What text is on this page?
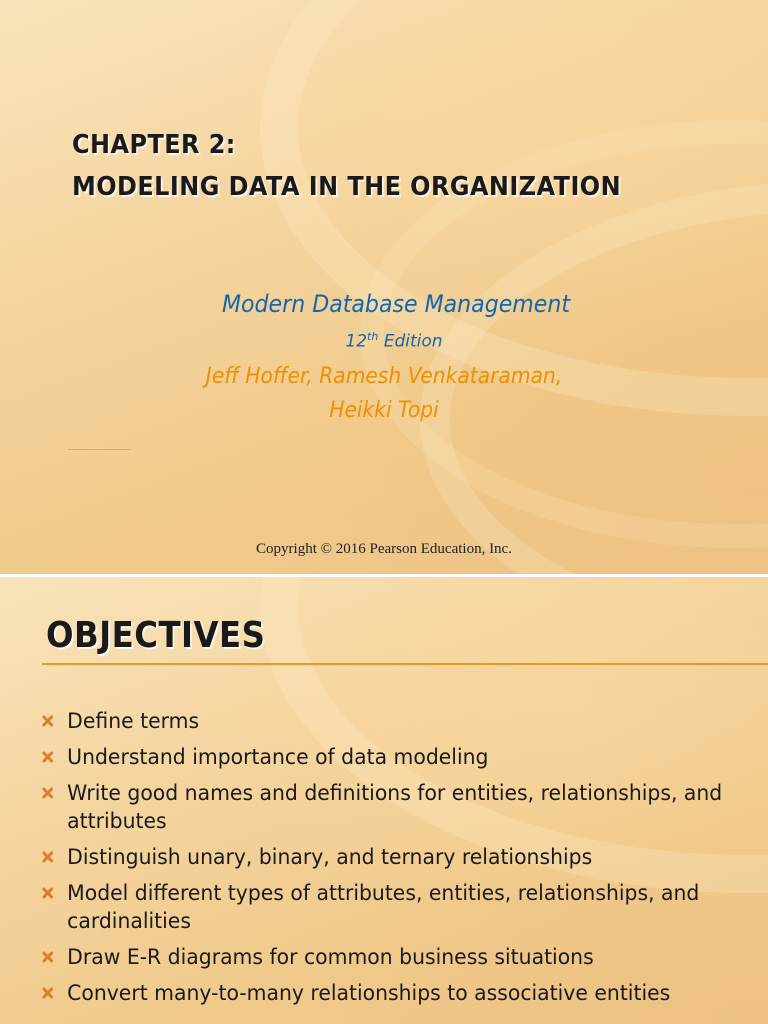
CHAPTER 2:
MODELING DATA IN THE ORGANIZATION
Modern Database Management
12th Edition
Jeff Hoffer, Ramesh Venkataraman,
Heikki Topi
Copyright © 2016 Pearson Education, Inc.
OBJECTIVES
Define terms
Understand importance of data modeling
Write good names and definitions for entities, relationships, and attributes
Distinguish unary, binary, and ternary relationships
Model different types of attributes, entities, relationships, and cardinalities
Draw E-R diagrams for common business situations
Convert many-to-many relationships to associative entities
